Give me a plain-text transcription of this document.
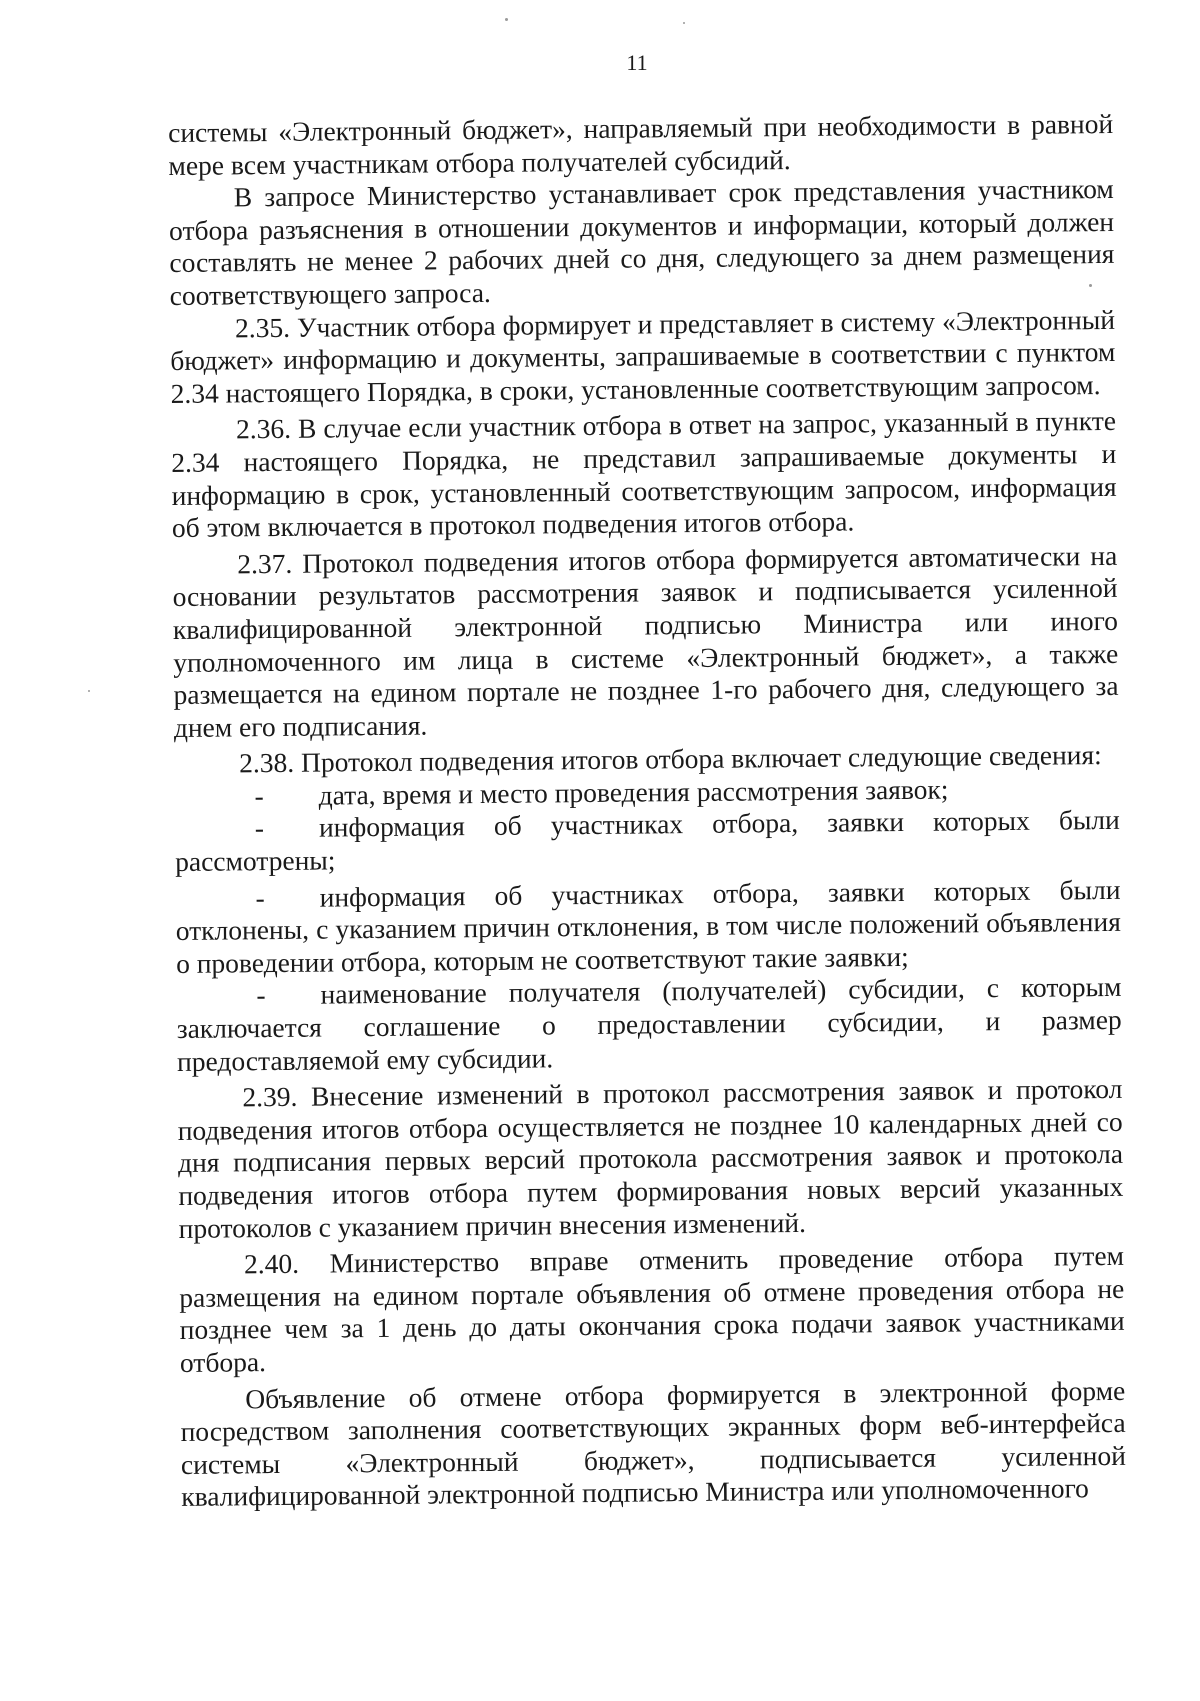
11

системы «Электронный бюджет», направляемый при необходимости в равной мере всем участникам отбора получателей субсидий.

В запросе Министерство устанавливает срок представления участником отбора разъяснения в отношении документов и информации, который должен составлять не менее 2 рабочих дней со дня, следующего за днем размещения соответствующего запроса.

2.35. Участник отбора формирует и представляет в систему «Электронный бюджет» информацию и документы, запрашиваемые в соответствии с пунктом 2.34 настоящего Порядка, в сроки, установленные соответствующим запросом.

2.36. В случае если участник отбора в ответ на запрос, указанный в пункте 2.34 настоящего Порядка, не представил запрашиваемые документы и информацию в срок, установленный соответствующим запросом, информация об этом включается в протокол подведения итогов отбора.

2.37. Протокол подведения итогов отбора формируется автоматически на основании результатов рассмотрения заявок и подписывается усиленной квалифицированной электронной подписью Министра или иного уполномоченного им лица в системе «Электронный бюджет», а также размещается на едином портале не позднее 1-го рабочего дня, следующего за днем его подписания.

2.38. Протокол подведения итогов отбора включает следующие сведения:

-  дата, время и место проведения рассмотрения заявок;

-  информация об участниках отбора, заявки которых были рассмотрены;

-  информация об участниках отбора, заявки которых были отклонены, с указанием причин отклонения, в том числе положений объявления о проведении отбора, которым не соответствуют такие заявки;

-  наименование получателя (получателей) субсидии, с которым заключается соглашение о предоставлении субсидии, и размер предоставляемой ему субсидии.

2.39. Внесение изменений в протокол рассмотрения заявок и протокол подведения итогов отбора осуществляется не позднее 10 календарных дней со дня подписания первых версий протокола рассмотрения заявок и протокола подведения итогов отбора путем формирования новых версий указанных протоколов с указанием причин внесения изменений.

2.40. Министерство вправе отменить проведение отбора путем размещения на едином портале объявления об отмене проведения отбора не позднее чем за 1 день до даты окончания срока подачи заявок участниками отбора.

Объявление об отмене отбора формируется в электронной форме посредством заполнения соответствующих экранных форм веб-интерфейса системы «Электронный бюджет», подписывается усиленной квалифицированной электронной подписью Министра или уполномоченного
